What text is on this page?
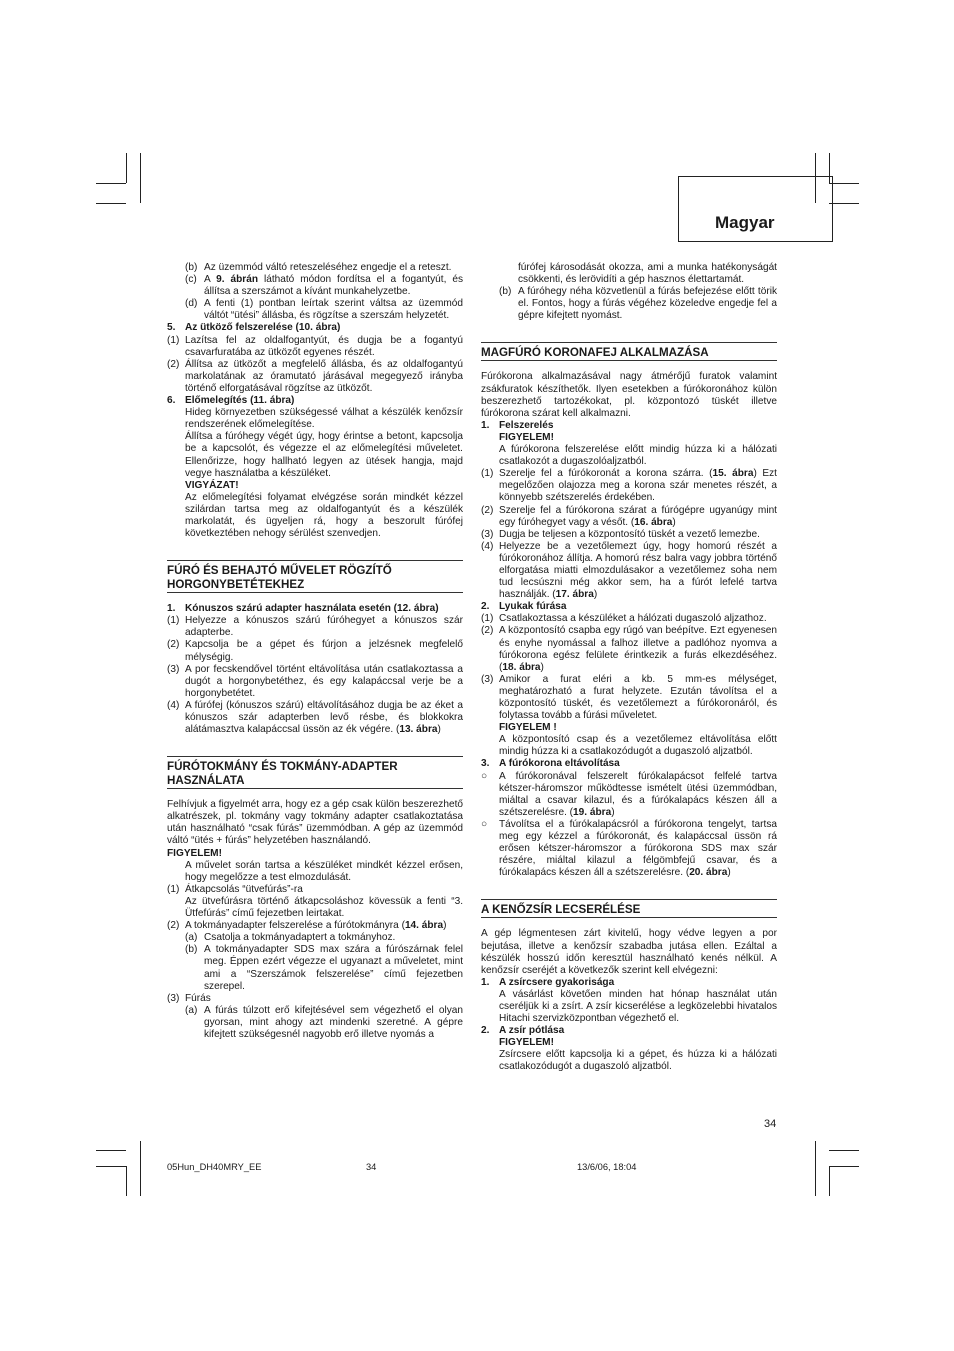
Magyar
(b) Az üzemmód váltó reteszeléséhez engedje el a reteszt.
(c) A 9. ábrán látható módon fordítsa el a fogantyút, és állítsa a szerszámot a kívánt munkahelyzetbe.
(d) A fenti (1) pontban leírtak szerint váltsa az üzemmód váltót “ütési” állásba, és rögzítse a szerszám helyzetét.
5. Az ütköző felszerelése (10. ábra)
(1) Lazítsa fel az oldalfogantyút, és dugja be a fogantyú csavarfuratába az ütközőt egyenes részét.
(2) Állítsa az ütközőt a megfelelő állásba, és az oldalfogantyú markolatának az óramutató járásával megegyező irányba történő elforgatásával rögzítse az ütközőt.
6. Előmelegítés (11. ábra)

Hideg környezetben szükségessé válhat a készülék kenőzsír rendszerének előmelegítése.

Állítsa a fúróhegy végét úgy, hogy érintse a betont, kapcsolja be a kapcsolót, és végezze el az előmelegítési műveletet. Ellenőrizze, hogy hallható legyen az ütések hangja, majd vegye használatba a készüléket.

VIGYÁZAT!

Az előmelegítési folyamat elvégzése során mindkét kézzel szilárdan tartsa meg az oldalfogantyút és a készülék markolatát, és ügyeljen rá, hogy a beszorult fúrófej következtében nehogy sérülést szenvedjen.

FÚRÓ ÉS BEHAJTÓ MŰVELET RÖGZÍTŐ HORGONYBETÉTEKHEZ
1. Kónuszos szárú adapter használata esetén (12. ábra)
(1) Helyezze a kónuszos szárú fúróhegyet a kónuszos szár adapterbe.
(2) Kapcsolja be a gépet és fúrjon a jelzésnek megfelelő mélységig.
(3) A por fecskendővel történt eltávolítása után csatlakoztassa a dugót a horgonybetéthez, és egy kalapáccsal verje be a horgonybetétet.
(4) A fúrófej (kónuszos szárú) eltávolításához dugja be az éket a kónuszos szár adapterben levő résbe, és blokkokra alátámasztva kalapáccsal üssön az ék végére. (13. ábra)
FÚRÓTOKMÁNY ÉS TOKMÁNY-ADAPTER HASZNÁLATA

Felhívjuk a figyelmét arra, hogy ez a gép csak külön beszerezhető alkatrészek, pl. tokmány vagy tokmány adapter csatlakoztatása után használható “csak fúrás” üzemmódban. A gép az üzemmód váltó “ütés + fúrás” helyzetében használandó.

FIGYELEM!

A művelet során tartsa a készüléket mindkét kézzel erősen, hogy megelőzze a test elmozdulását.

(1) Átkapcsolás “ütvefúrás”-ra

Az ütvefúrásra történő átkapcsoláshoz kövessük a fenti “3. Ütfefúrás” című fejezetben leirtakat.

(2) A tokmányadapter felszerelése a fúrótokmányra (14. ábra)
(a) Csatolja a tokmányadaptert a tokmányhoz.
(b) A tokmányadapter SDS max szára a fúrószárnak felel meg. Éppen ezért végezze el ugyanazt a műveletet, mint ami a “Szerszámok felszerelése” című fejezetben szerepel.
(3) Fúrás
(a) A fúrás túlzott erő kifejtésével sem végezhető el olyan gyorsan, mint ahogy azt mindenki szeretné. A gépre kifejtett szükségesnél nagyobb erő illetve nyomás a

fúrófej károsodását okozza, ami a munka hatékonyságát csökkenti, és lerövidíti a gép hasznos élettartamát.

(b) A fúróhegy néha közvetlenül a fúrás befejezése előtt törik el. Fontos, hogy a fúrás végéhez közeledve engedje fel a gépre kifejtett nyomást.
MAGFÚRÓ KORONAFEJ ALKALMAZÁSA

Fúrókorona alkalmazásával nagy átmérőjű furatok valamint zsákfuratok készíthetők. Ilyen esetekben a fúrókoronához külön beszerezhető tartozékokat, pl. központozó tüskét illetve fúrókorona szárat kell alkalmazni.

1. Felszerelés

FIGYELEM!

A fúrókorona felszerelése előtt mindig húzza ki a hálózati csatlakozót a dugaszolóaljzatból.

(1) Szerelje fel a fúrókoronát a korona szárra. (15. ábra) Ezt megelőzően olajozza meg a korona szár menetes részét, a könnyebb szétszerelés érdekében.
(2) Szerelje fel a fúrókorona szárat a fúrógépre ugyanúgy mint egy fúróhegyet vagy a vésőt. (16. ábra)
(3) Dugja be teljesen a központosító tüskét a vezető lemezbe.
(4) Helyezze be a vezetőlemezt úgy, hogy homorú részét a fúrókoronához állítja. A homorú rész balra vagy jobbra történő elforgatása miatti elmozdulásakor a vezetőlemez soha nem tud lecsúszni még akkor sem, ha a fúrót lefelé tartva használják. (17. ábra)
2. Lyukak fúrása
(1) Csatlakoztassa a készüléket a hálózati dugaszoló aljzathoz.
(2) A központosító csapba egy rúgó van beépítve. Ezt egyenesen és enyhe nyomással a falhoz illetve a padlóhoz nyomva a fúrókorona egész felülete érintkezik a furás elkezdéséhez. (18. ábra)
(3) Amikor a furat eléri a kb. 5 mm-es mélységet, meghatározható a furat helyzete. Ezután távolítsa el a központosító tüskét, és vezetőlemezt a fúrókoronáról, és folytassa tovább a fúrási műveletet.

FIGYELEM !

A központosító csap és a vezetőlemez eltávolítása előtt mindig húzza ki a csatlakozódugót a dugaszoló aljzatból.

3. A fúrókorona eltávolítása
○ A fúrókoronával felszerelt fúrókalapácsot felfelé tartva kétszer-háromszor működtesse ismételt ütési üzemmódban, miáltal a csavar kilazul, és a fúrókalapács készen áll a szétszerelésre. (19. ábra)
○ Távolítsa el a fúrókalapácsról a fúrókorona tengelyt, tartsa meg egy kézzel a fúrókoronát, és kalapáccsal üssön rá erősen kétszer-háromszor a fúrókorona SDS max szár részére, miáltal kilazul a félgömbfejű csavar, és a fúrókalapács készen áll a szétszerelésre. (20. ábra)
A KENŐZSÍR LECSERÉLÉSE

A gép légmentesen zárt kivitelű, hogy védve legyen a por bejutása, illetve a kenőzsír szabadba jutása ellen. Ezáltal a készülék hosszú időn keresztül használható kenés nélkül. A kenőzsír cseréjét a következők szerint kell elvégezni:

1. A zsírcsere gyakorisága

A vásárlást követően minden hat hónap használat után cseréljük ki a zsírt. A zsír kicserélése a legközelebbi hivatalos Hitachi szervizközpontban végezhető el.

2. A zsír pótlása

FIGYELEM!

Zsírcsere előtt kapcsolja ki a gépet, és húzza ki a hálózati csatlakozódugót a dugaszoló aljzatból.

34
05Hun_DH40MRY_EE	34	13/6/06, 18:04
